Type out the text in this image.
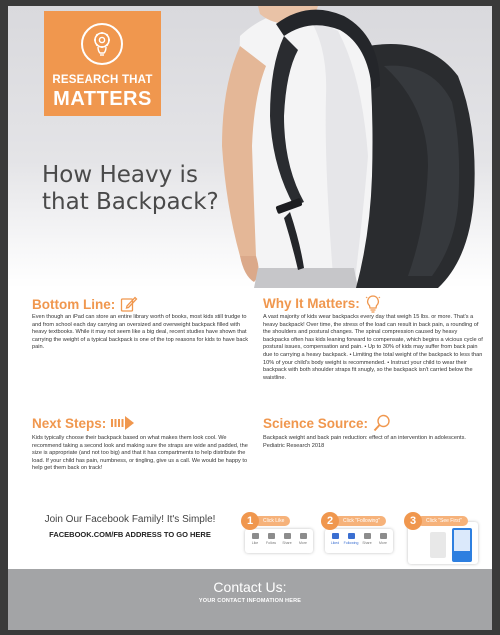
RESEARCH THAT
MATTERS
How Heavy is
that Backpack?
Bottom Line:

Even though an iPad can store an entire library worth of books, most kids still trudge to and from school each day carrying an oversized and overweight backpack filled with heavy textbooks. While it may not seem like a big deal, recent studies have shown that carrying the weight of a typical backpack is one of the top reasons for kids to have back pain.

Why It Matters:

A vast majority of kids wear backpacks every day that weigh 15 lbs. or more. That's a heavy backpack! Over time, the stress of the load can result in back pain, a rounding of the shoulders and postural changes. The spinal compression caused by heavy backpacks often has kids leaning forward to compensate, which begins a vicious cycle of postural issues, compensation and pain. • Up to 30% of kids may suffer from back pain due to carrying a heavy backpack. • Limiting the total weight of the backpack to less than 10% of your child's body weight is recommended. • Instruct your child to wear their backpack with both shoulder straps fit snugly, so the backpack isn't carried below the waistline.

Next Steps:

Kids typically choose their backpack based on what makes them look cool. We recommend taking a second look and making sure the straps are wide and padded, the size is appropriate (and not too big) and that it has compartments to help distribute the load. If your child has pain, numbness, or tingling, give us a call. We would be happy to help get them back on track!

Science Source:

Backpack weight and back pain reduction: effect of an intervention in adolescents. Pediatric Research 2018

Join Our Facebook Family! It's Simple!
FACEBOOK.COM/FB ADDRESS TO GO HERE
1	Click Like
Like Follow Share More
2	Click "Following"
Liked Following Share More
3	Click "See First"
Contact Us:
YOUR CONTACT INFOMATION HERE
